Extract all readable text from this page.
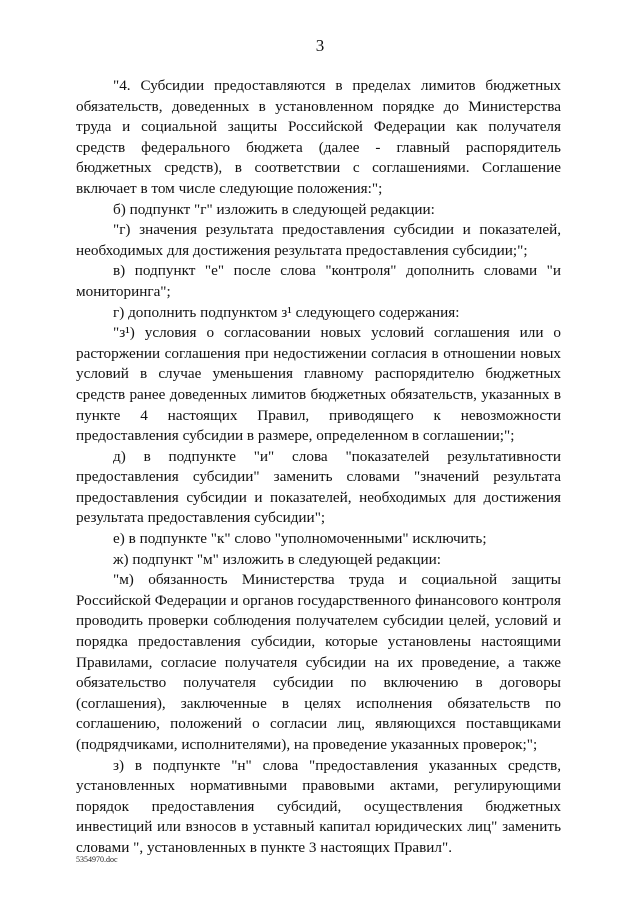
3

"4. Субсидии предоставляются в пределах лимитов бюджетных обязательств, доведенных в установленном порядке до Министерства труда и социальной защиты Российской Федерации как получателя средств федерального бюджета (далее - главный распорядитель бюджетных средств), в соответствии с соглашениями. Соглашение включает в том числе следующие положения:";

б) подпункт "г" изложить в следующей редакции:

"г) значения результата предоставления субсидии и показателей, необходимых для достижения результата предоставления субсидии;";

в) подпункт "е" после слова "контроля" дополнить словами "и мониторинга";

г) дополнить подпунктом з¹ следующего содержания:

"з¹) условия о согласовании новых условий соглашения или о расторжении соглашения при недостижении согласия в отношении новых условий в случае уменьшения главному распорядителю бюджетных средств ранее доведенных лимитов бюджетных обязательств, указанных в пункте 4 настоящих Правил, приводящего к невозможности предоставления субсидии в размере, определенном в соглашении;";

д) в подпункте "и" слова "показателей результативности предоставления субсидии" заменить словами "значений результата предоставления субсидии и показателей, необходимых для достижения результата предоставления субсидии";

е) в подпункте "к" слово "уполномоченными" исключить;

ж) подпункт "м" изложить в следующей редакции:

"м) обязанность Министерства труда и социальной защиты Российской Федерации и органов государственного финансового контроля проводить проверки соблюдения получателем субсидии целей, условий и порядка предоставления субсидии, которые установлены настоящими Правилами, согласие получателя субсидии на их проведение, а также обязательство получателя субсидии по включению в договоры (соглашения), заключенные в целях исполнения обязательств по соглашению, положений о согласии лиц, являющихся поставщиками (подрядчиками, исполнителями), на проведение указанных проверок;";

з) в подпункте "н" слова "предоставления указанных средств, установленных нормативными правовыми актами, регулирующими порядок предоставления субсидий, осуществления бюджетных инвестиций или взносов в уставный капитал юридических лиц" заменить словами ", установленных в пункте 3 настоящих Правил".

5354970.doc
